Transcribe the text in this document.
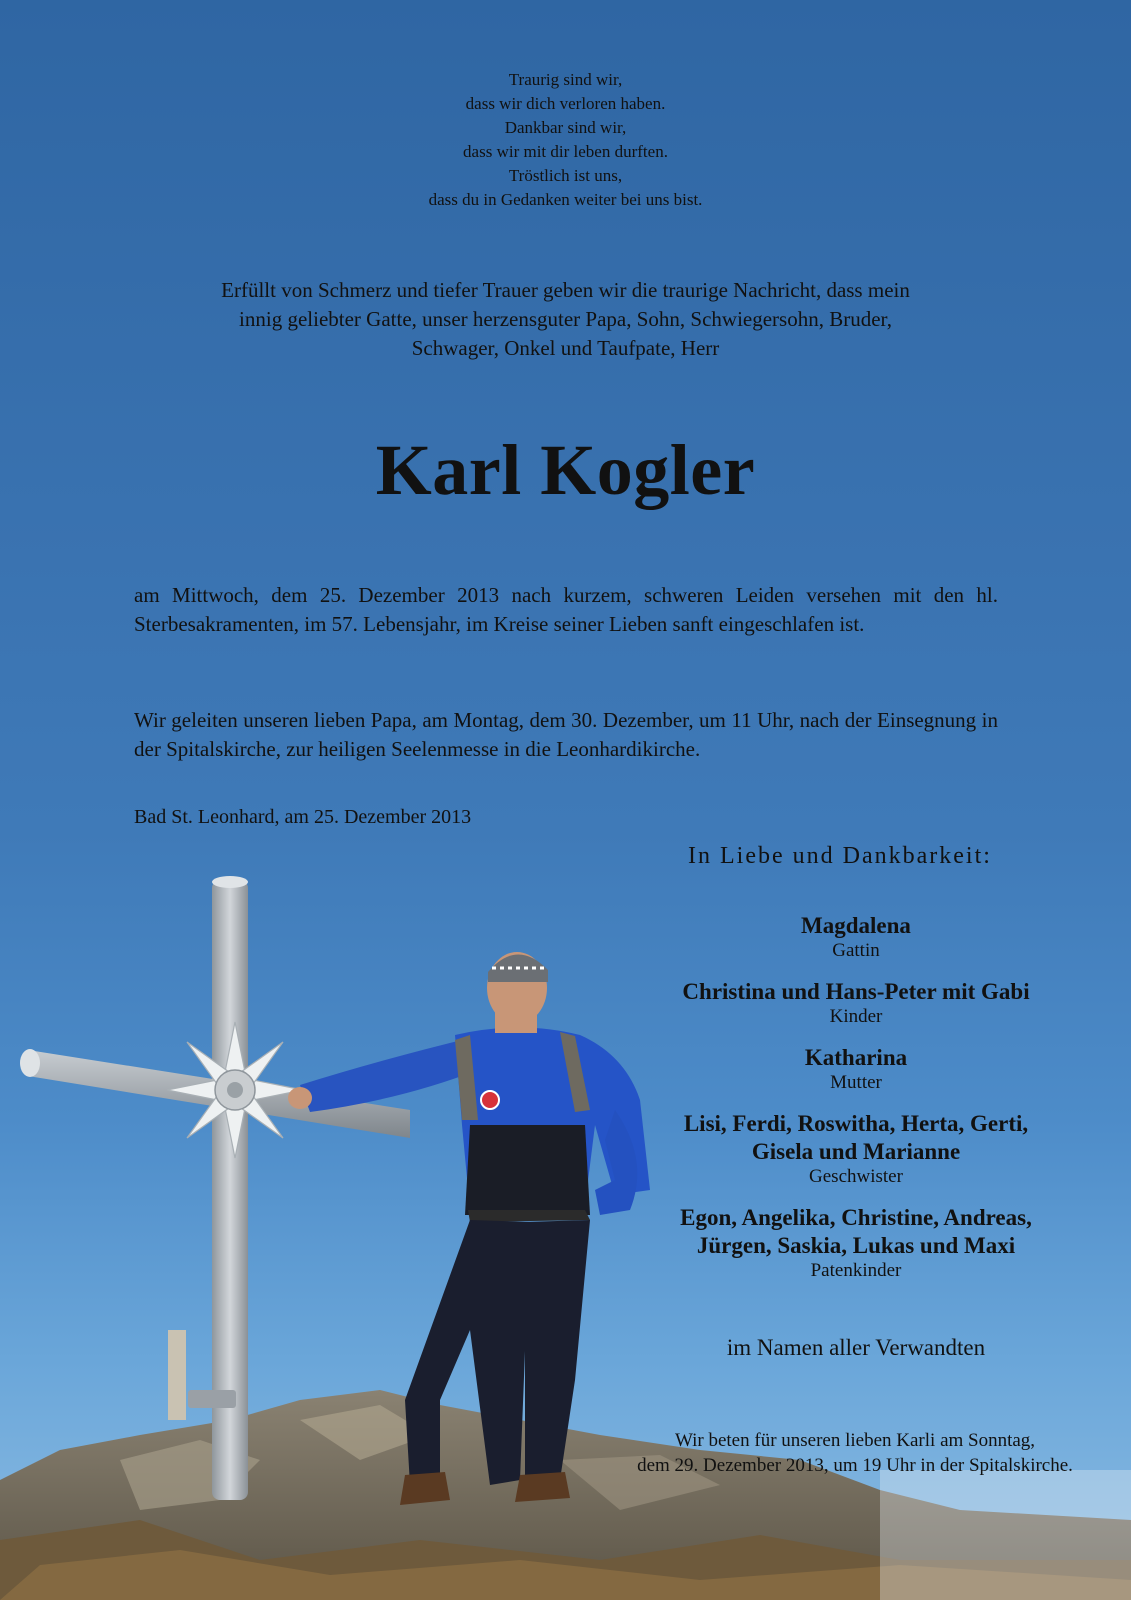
Traurig sind wir,
dass wir dich verloren haben.
Dankbar sind wir,
dass wir mit dir leben durften.
Tröstlich ist uns,
dass du in Gedanken weiter bei uns bist.
Erfüllt von Schmerz und tiefer Trauer geben wir die traurige Nachricht, dass mein
innig geliebter Gatte, unser herzensguter Papa, Sohn, Schwiegersohn, Bruder,
Schwager, Onkel und Taufpate, Herr
Karl Kogler
am Mittwoch, dem 25. Dezember 2013 nach kurzem, schweren Leiden versehen mit den hl. Sterbesakramenten, im 57. Lebensjahr, im Kreise seiner Lieben sanft eingeschlafen ist.
Wir geleiten unseren lieben Papa, am Montag, dem 30. Dezember, um 11 Uhr, nach der Einsegnung in der Spitalskirche, zur heiligen Seelenmesse in die Leonhardikirche.
Bad St. Leonhard, am 25. Dezember 2013
In Liebe und Dankbarkeit:
Magdalena
Gattin
Christina und Hans-Peter mit Gabi
Kinder
Katharina
Mutter
Lisi, Ferdi, Roswitha, Herta, Gerti,
Gisela und Marianne
Geschwister
Egon, Angelika, Christine, Andreas,
Jürgen, Saskia, Lukas und Maxi
Patenkinder
im Namen aller Verwandten
Wir beten für unseren lieben Karli am Sonntag,
dem 29. Dezember 2013, um 19 Uhr in der Spitalskirche.
